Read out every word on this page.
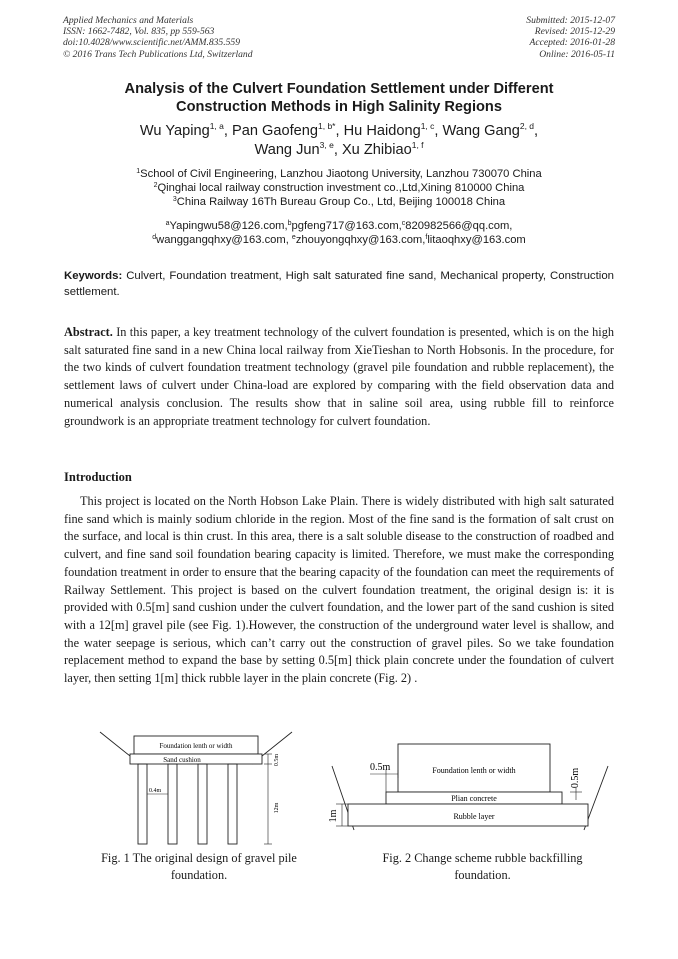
Applied Mechanics and Materials
ISSN: 1662-7482, Vol. 835, pp 559-563
doi:10.4028/www.scientific.net/AMM.835.559
© 2016 Trans Tech Publications Ltd, Switzerland
Submitted: 2015-12-07
Revised: 2015-12-29
Accepted: 2016-01-28
Online: 2016-05-11
Analysis of the Culvert Foundation Settlement under Different
Construction Methods in High Salinity Regions
Wu Yaping$^{1, a}$, Pan Gaofeng$^{1, b*}$, Hu Haidong$^{1, c}$, Wang Gang$^{2, d}$,
Wang Jun$^{3, e}$, Xu Zhibiao$^{1, f}$
$^1$School of Civil Engineering, Lanzhou Jiaotong University, Lanzhou 730070 China
$^2$Qinghai local railway construction investment co.,Ltd,Xining 810000 China
$^3$China Railway 16Th Bureau Group Co., Ltd, Beijing 100018 China
$^a$Yapingwu58@126.com,$^b$pgfeng717@163.com,$^c$820982566@qq.com,
$^d$wanggangqhxy@163.com, $^e$zhouyongqhxy@163.com,$^f$litaoqhxy@163.com
Keywords: Culvert, Foundation treatment, High salt saturated fine sand, Mechanical property, Construction settlement.
Abstract. In this paper, a key treatment technology of the culvert foundation is presented, which is on the high salt saturated fine sand in a new China local railway from XieTieshan to North Hobsonis. In the procedure, for the two kinds of culvert foundation treatment technology (gravel pile foundation and rubble replacement), the settlement laws of culvert under China-load are explored by comparing with the field observation data and numerical analysis conclusion. The results show that in saline soil area, using rubble fill to reinforce groundwork is an appropriate treatment technology for culvert foundation.
Introduction
This project is located on the North Hobson Lake Plain. There is widely distributed with high salt saturated fine sand which is mainly sodium chloride in the region. Most of the fine sand is the formation of salt crust on the surface, and local is thin crust. In this area, there is a salt soluble disease to the construction of roadbed and culvert, and fine sand soil foundation bearing capacity is limited. Therefore, we must make the corresponding foundation treatment in order to ensure that the bearing capacity of the foundation can meet the requirements of Railway Settlement. This project is based on the culvert foundation treatment, the original design is: it is provided with 0.5[m] sand cushion under the culvert foundation, and the lower part of the sand cushion is sited with a 12[m] gravel pile (see Fig. 1).However, the construction of the underground water level is shallow, and the water seepage is serious, which can’t carry out the construction of gravel piles. So we take foundation replacement method to expand the base by setting 0.5[m] thick plain concrete under the foundation of culvert layer, then setting 1[m] thick rubble layer in the plain concrete (Fig. 2) .
Foundation lenth or width
Sand cushion
0.4m
0.5m
12m
0.5m	Foundation lenth or width
Plian concrete
Rubble layer
0.5m
1m
Fig. 1 The original design of gravel pile
foundation.
Fig. 2 Change scheme rubble backfilling
foundation.
